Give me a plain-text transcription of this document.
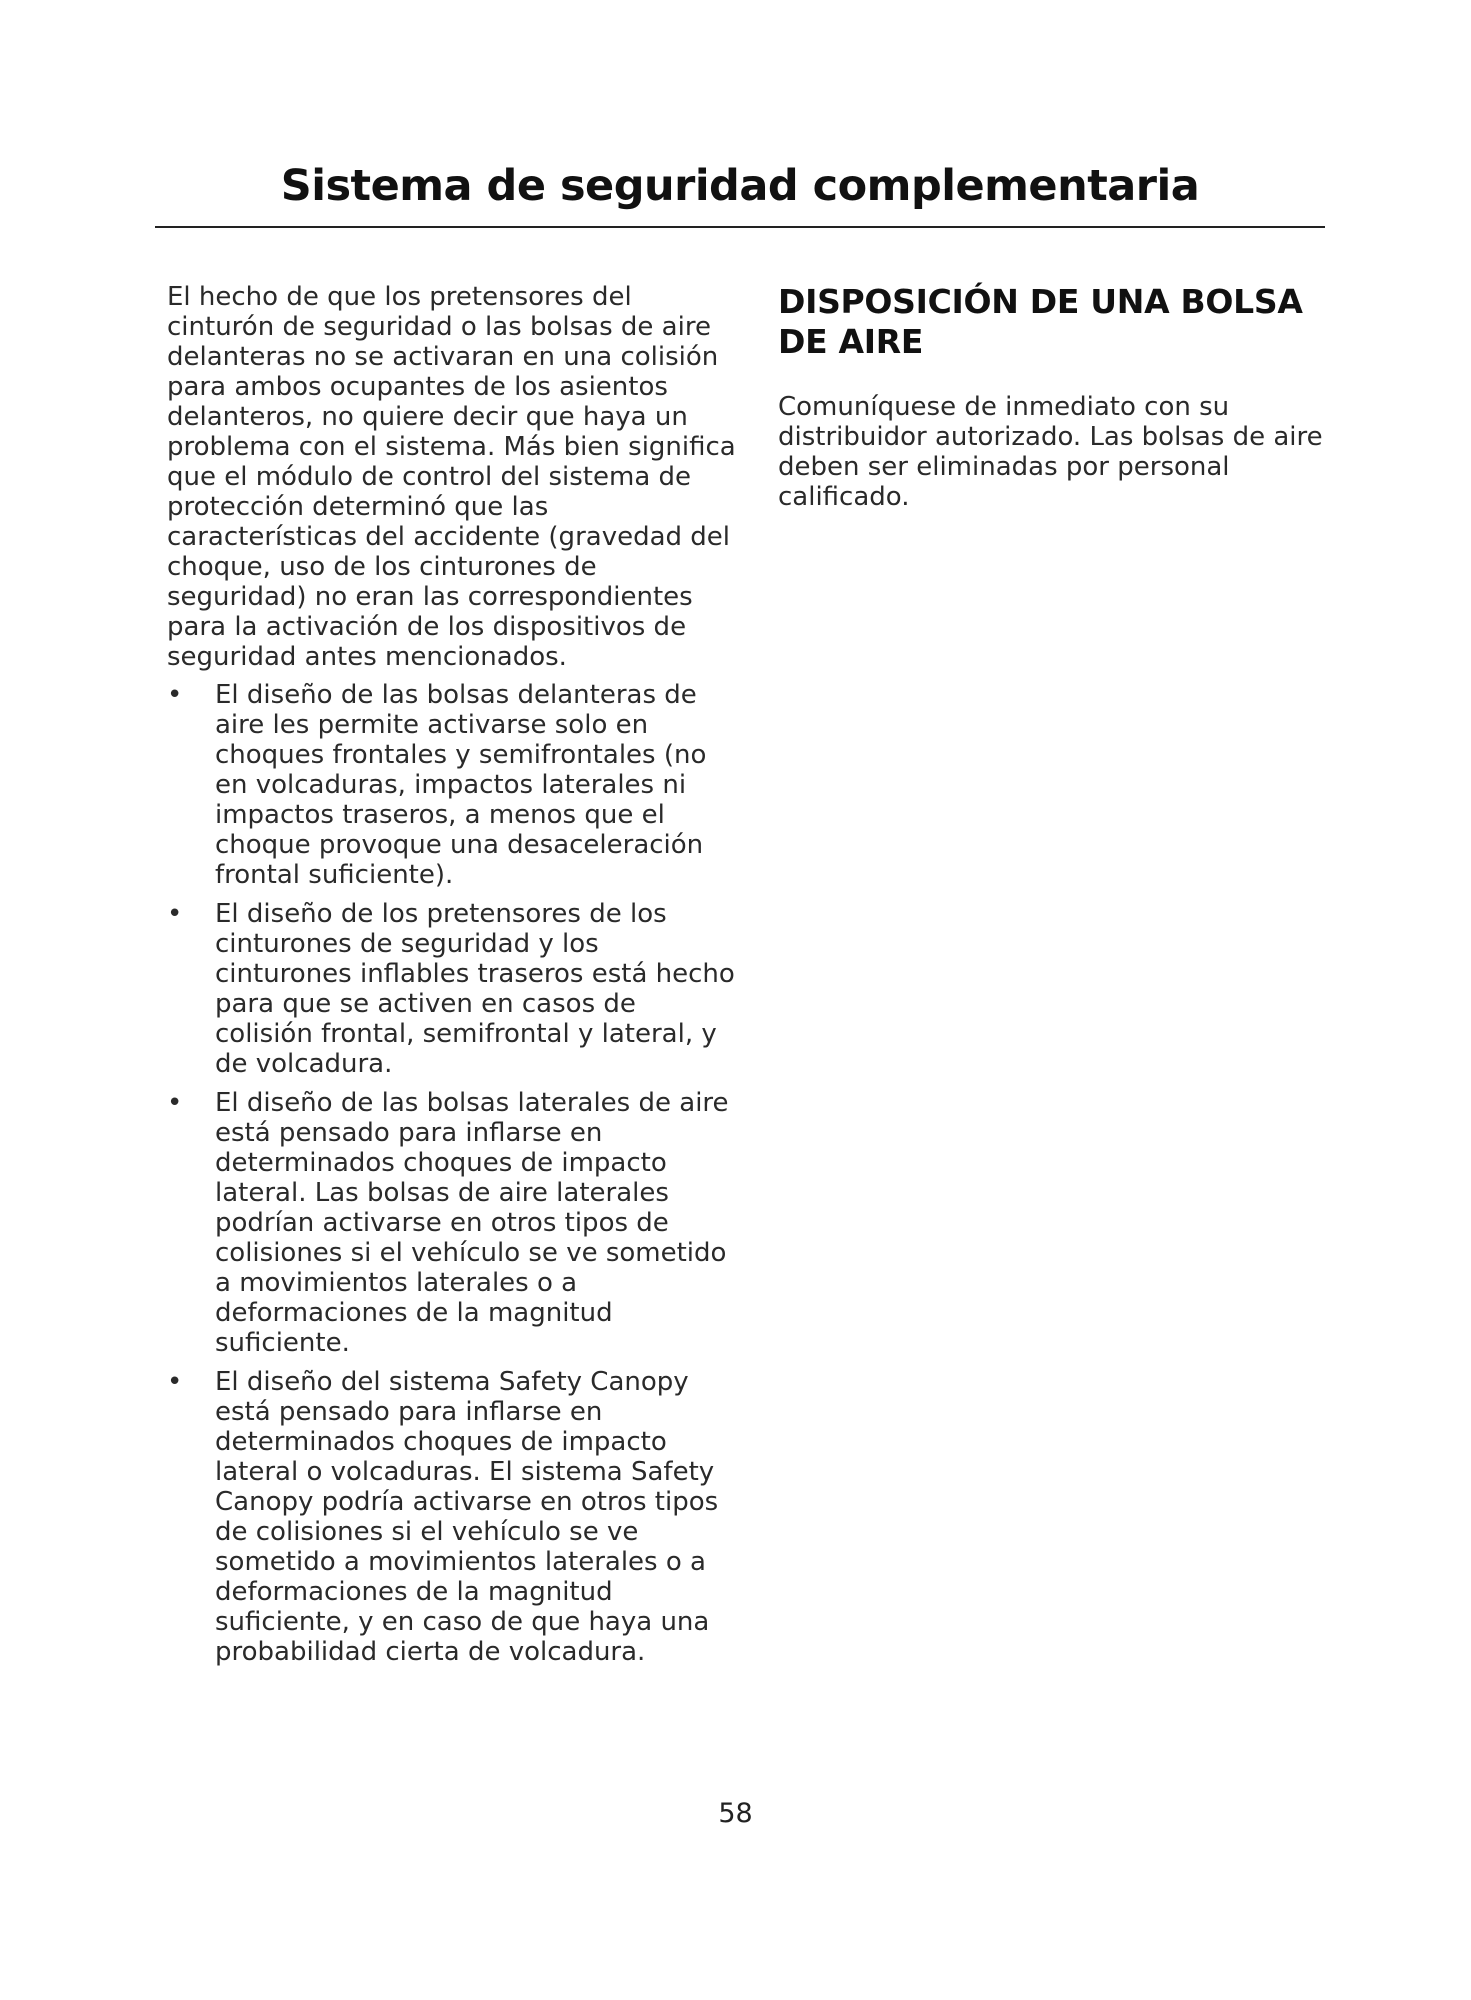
Sistema de seguridad complementaria

El hecho de que los pretensores del cinturón de seguridad o las bolsas de aire delanteras no se activaran en una colisión para ambos ocupantes de los asientos delanteros, no quiere decir que haya un problema con el sistema. Más bien significa que el módulo de control del sistema de protección determinó que las características del accidente (gravedad del choque, uso de los cinturones de seguridad) no eran las correspondientes para la activación de los dispositivos de seguridad antes mencionados.

• El diseño de las bolsas delanteras de aire les permite activarse solo en choques frontales y semifrontales (no en volcaduras, impactos laterales ni impactos traseros, a menos que el choque provoque una desaceleración frontal suficiente).
• El diseño de los pretensores de los cinturones de seguridad y los cinturones inflables traseros está hecho para que se activen en casos de colisión frontal, semifrontal y lateral, y de volcadura.
• El diseño de las bolsas laterales de aire está pensado para inflarse en determinados choques de impacto lateral. Las bolsas de aire laterales podrían activarse en otros tipos de colisiones si el vehículo se ve sometido a movimientos laterales o a deformaciones de la magnitud suficiente.
• El diseño del sistema Safety Canopy está pensado para inflarse en determinados choques de impacto lateral o volcaduras. El sistema Safety Canopy podría activarse en otros tipos de colisiones si el vehículo se ve sometido a movimientos laterales o a deformaciones de la magnitud suficiente, y en caso de que haya una probabilidad cierta de volcadura.
DISPOSICIÓN DE UNA BOLSA DE AIRE

Comuníquese de inmediato con su distribuidor autorizado. Las bolsas de aire deben ser eliminadas por personal calificado.

58
